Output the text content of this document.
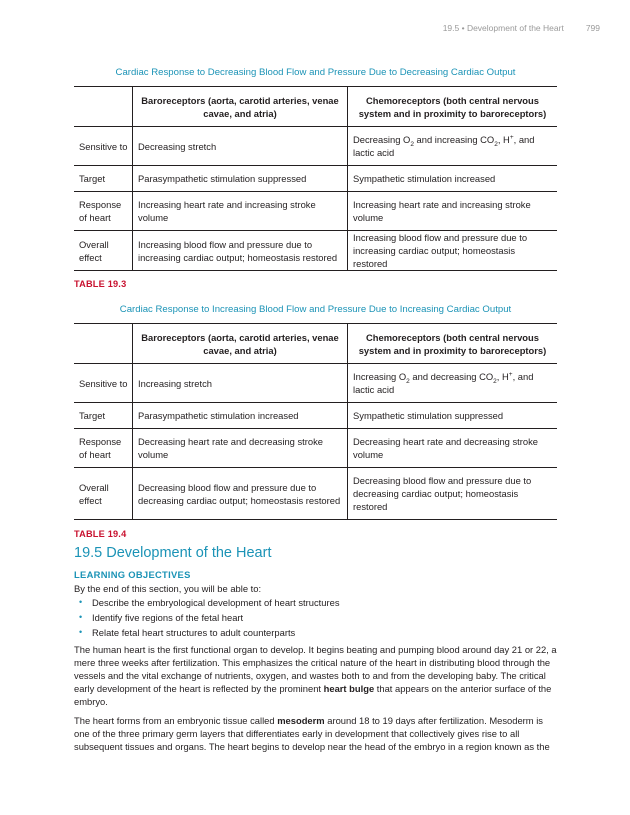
19.5 • Development of the Heart	799
Cardiac Response to Decreasing Blood Flow and Pressure Due to Decreasing Cardiac Output
	Baroreceptors (aorta, carotid arteries, venae cavae, and atria)	Chemoreceptors (both central nervous system and in proximity to baroreceptors)
Sensitive to	Decreasing stretch	Decreasing $O_2$ and increasing $CO_2$, H+, and lactic acid
Target	Parasympathetic stimulation suppressed	Sympathetic stimulation increased
Response of heart	Increasing heart rate and increasing stroke volume	Increasing heart rate and increasing stroke volume
Overall effect	Increasing blood flow and pressure due to increasing cardiac output; homeostasis restored	Increasing blood flow and pressure due to increasing cardiac output; homeostasis restored
TABLE 19.3
Cardiac Response to Increasing Blood Flow and Pressure Due to Increasing Cardiac Output
	Baroreceptors (aorta, carotid arteries, venae cavae, and atria)	Chemoreceptors (both central nervous system and in proximity to baroreceptors)
Sensitive to	Increasing stretch	Increasing $O_2$ and decreasing $CO_2$, H+, and lactic acid
Target	Parasympathetic stimulation increased	Sympathetic stimulation suppressed
Response of heart	Decreasing heart rate and decreasing stroke volume	Decreasing heart rate and decreasing stroke volume
Overall effect	Decreasing blood flow and pressure due to decreasing cardiac output; homeostasis restored	Decreasing blood flow and pressure due to decreasing cardiac output; homeostasis restored
TABLE 19.4
19.5 Development of the Heart
LEARNING OBJECTIVES
By the end of this section, you will be able to:
• Describe the embryological development of heart structures
• Identify five regions of the fetal heart
• Relate fetal heart structures to adult counterparts

The human heart is the first functional organ to develop. It begins beating and pumping blood around day 21 or 22, a mere three weeks after fertilization. This emphasizes the critical nature of the heart in distributing blood through the vessels and the vital exchange of nutrients, oxygen, and wastes both to and from the developing baby. The critical early development of the heart is reflected by the prominent heart bulge that appears on the anterior surface of the embryo.

The heart forms from an embryonic tissue called mesoderm around 18 to 19 days after fertilization. Mesoderm is one of the three primary germ layers that differentiates early in development that collectively gives rise to all subsequent tissues and organs. The heart begins to develop near the head of the embryo in a region known as the
